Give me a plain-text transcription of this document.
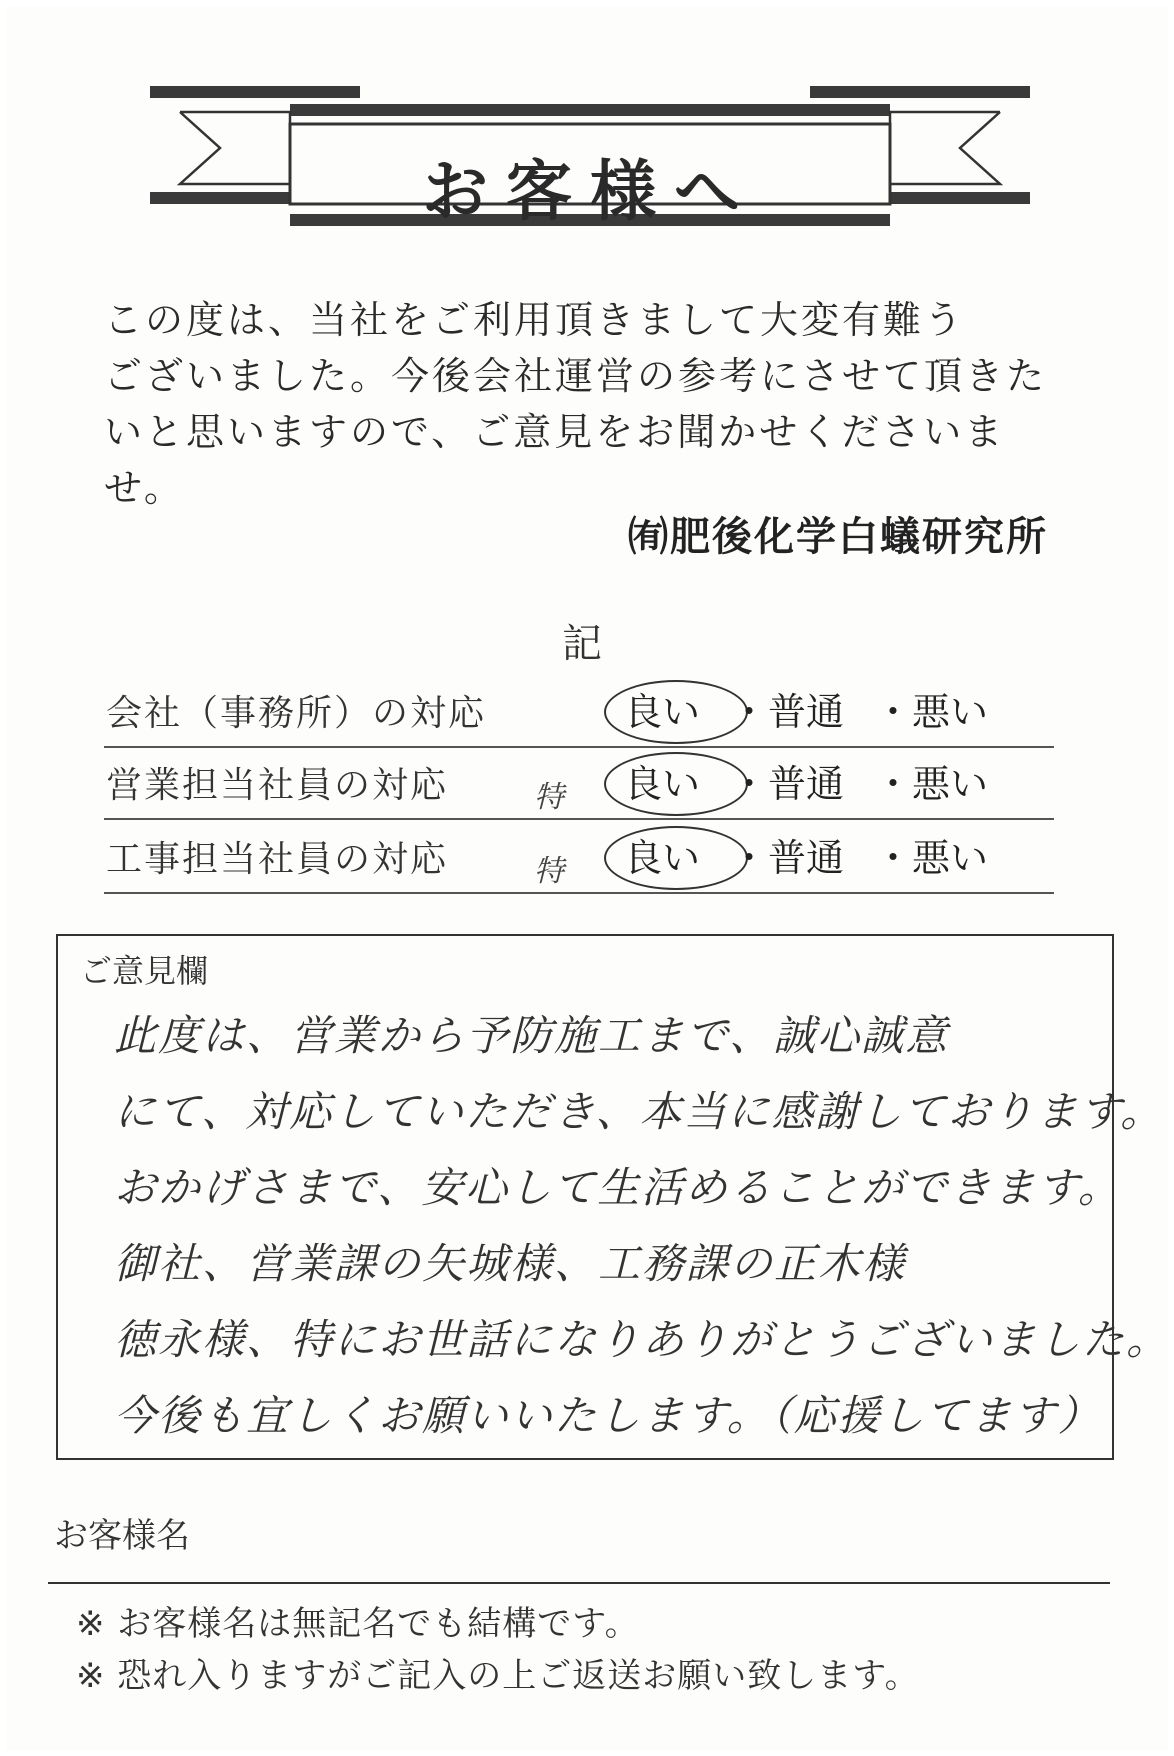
お客様へ
この度は、当社をご利用頂きまして大変有難う
ございました。今後会社運営の参考にさせて頂きた
いと思いますので、ご意見をお聞かせくださいませ。
㈲肥後化学白蟻研究所
記
会社（事務所）の対応	良い ・ 普通 ・ 悪い
営業担当社員の対応	特 良い ・ 普通 ・ 悪い
工事担当社員の対応	特 良い ・ 普通 ・ 悪い
ご意見欄
此度は、営業から予防施工まで、誠心誠意
にて、対応していただき、本当に感謝しております。
おかげさまで、安心して生活めることができます。
御社、営業課の矢城様、工務課の正木様
徳永様、特にお世話になりありがとうございました。
今後も宜しくお願いいたします。（応援してます）
お客様名
※ お客様名は無記名でも結構です。
※ 恐れ入りますがご記入の上ご返送お願い致します。
